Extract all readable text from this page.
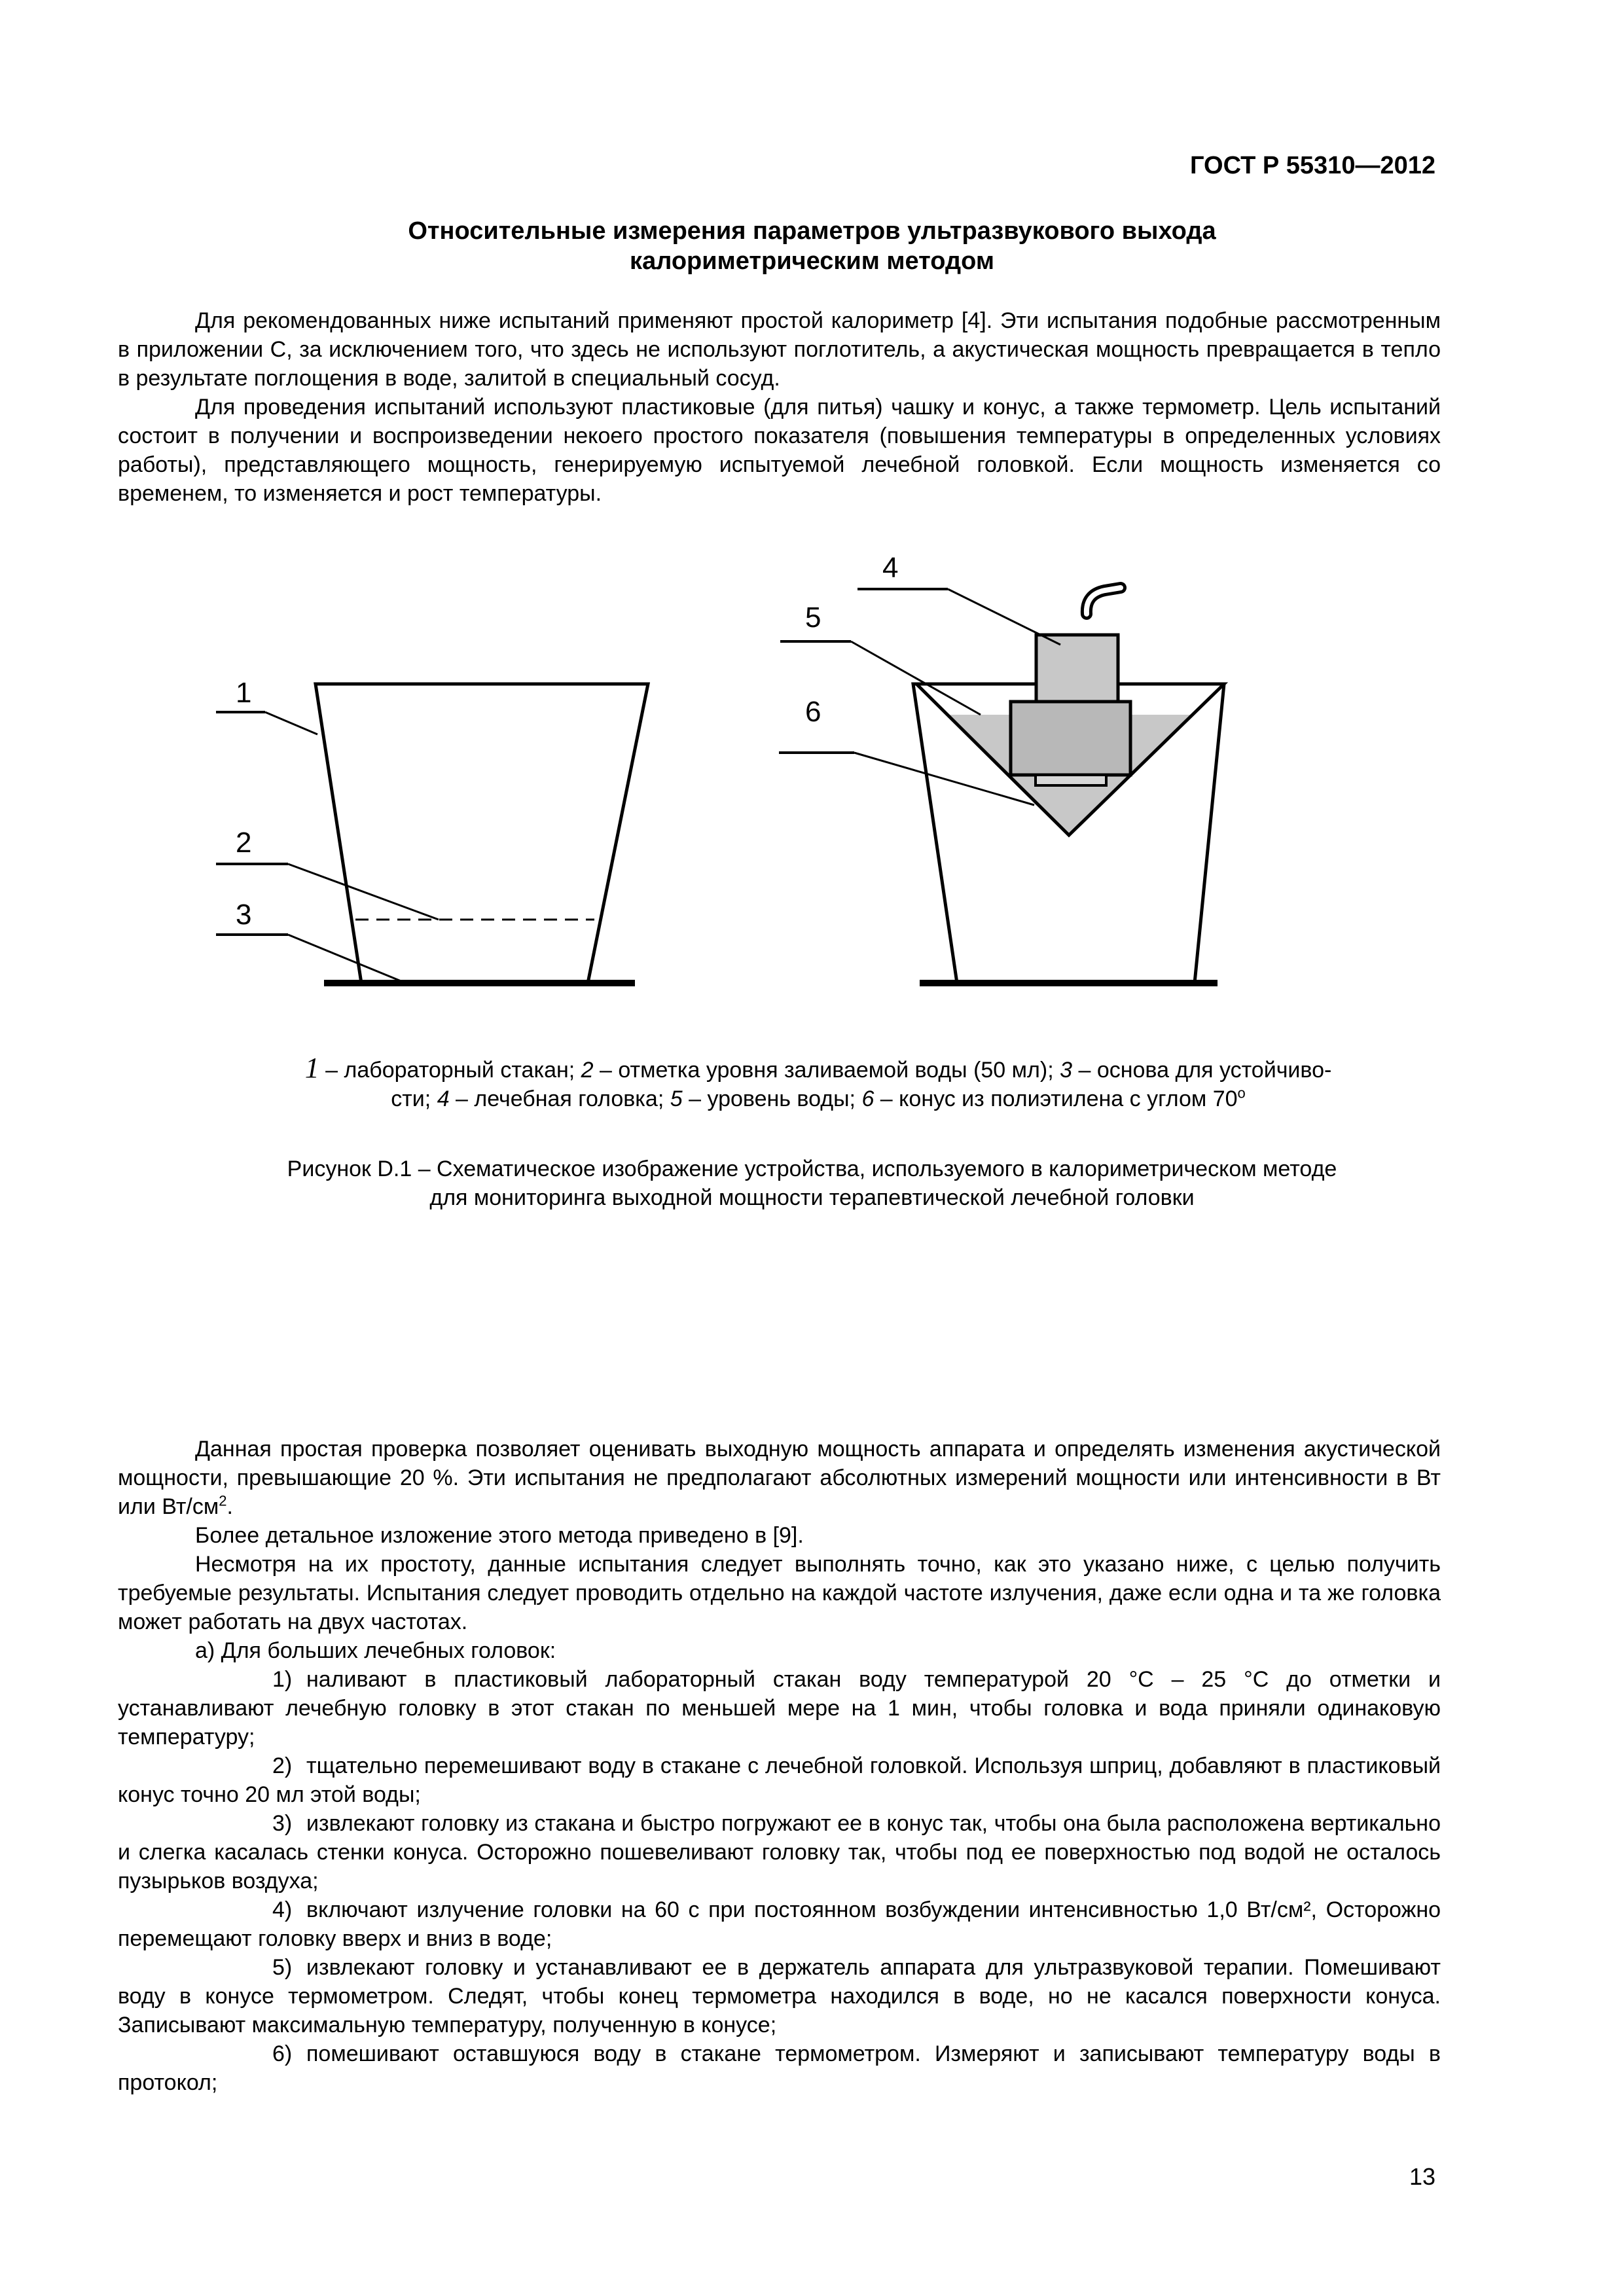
ГОСТ Р 55310—2012
Относительные измерения параметров ультразвукового выхода
калориметрическим методом

Для рекомендованных ниже испытаний применяют простой калориметр [4]. Эти испытания подобные рассмотренным в приложении С, за исключением того, что здесь не используют поглотитель, а акустическая мощность превращается в тепло в результате поглощения в воде, залитой в специальный сосуд.

Для проведения испытаний используют пластиковые (для питья) чашку и конус, а также термометр. Цель испытаний состоит в получении и воспроизведении некоего простого показателя (повышения температуры в определенных условиях работы), представляющего мощность, генерируемую испытуемой лечебной головкой. Если мощность изменяется со временем, то изменяется и рост температуры.

1
2
3
4
5
6
1 – лабораторный стакан; 2 – отметка уровня заливаемой воды (50 мл); 3 – основа для устойчиво-
сти; 4 – лечебная головка; 5 – уровень воды; 6 – конус из полиэтилена с углом 70$^o$
Рисунок D.1 – Схематическое изображение устройства, используемого в калориметрическом методе
для мониторинга выходной мощности терапевтической лечебной головки

Данная простая проверка позволяет оценивать выходную мощность аппарата и определять изменения акустической мощности, превышающие 20 %. Эти испытания не предполагают абсолютных измерений мощности или интенсивности в Вт или $Вт/см^2$.

Более детальное изложение этого метода приведено в [9].

Несмотря на их простоту, данные испытания следует выполнять точно, как это указано ниже, с целью получить требуемые результаты. Испытания следует проводить отдельно на каждой частоте излучения, даже если одна и та же головка может работать на двух частотах.

а) Для больших лечебных головок:

1) наливают в пластиковый лабораторный стакан воду температурой 20 °C – 25 °C до отметки и устанавливают лечебную головку в этот стакан по меньшей мере на 1 мин, чтобы головка и вода приняли одинаковую температуру;

2) тщательно перемешивают воду в стакане с лечебной головкой. Используя шприц, добавляют в пластиковый конус точно 20 мл этой воды;

3) извлекают головку из стакана и быстро погружают ее в конус так, чтобы она была расположена вертикально и слегка касалась стенки конуса. Осторожно пошевеливают головку так, чтобы под ее поверхностью под водой не осталось пузырьков воздуха;

4) включают излучение головки на 60 с при постоянном возбуждении интенсивностью 1,0 Вт/см², Осторожно перемещают головку вверх и вниз в воде;

5) извлекают головку и устанавливают ее в держатель аппарата для ультразвуковой терапии. Помешивают воду в конусе термометром. Следят, чтобы конец термометра находился в воде, но не касался поверхности конуса. Записывают максимальную температуру, полученную в конусе;

6) помешивают оставшуюся воду в стакане термометром. Измеряют и записывают температуру воды в протокол;

13
